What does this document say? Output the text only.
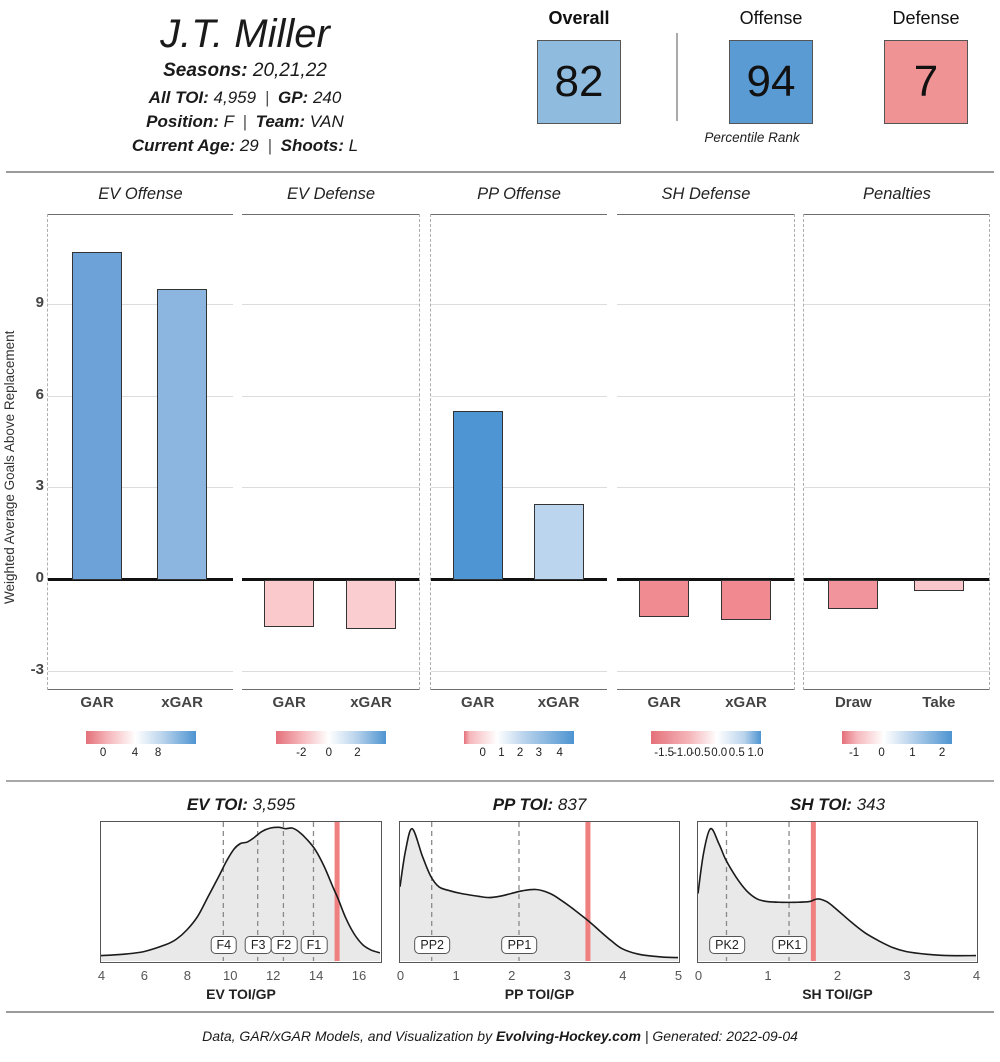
J.T. Miller
Seasons: 20,21,22
All TOI: 4,959 | GP: 240
Position: F | Team: VAN
Current Age: 29 | Shoots: L
Overall
82
Offense
94
Defense
7
Percentile Rank
Weighted Average Goals Above Replacement
9
6
3
0
-3
EV Offense
GAR	xGAR
0	4	8
EV Defense
GAR	xGAR
-2	0	2
PP Offense
GAR	xGAR
0	1	2	3	4
SH Defense
GAR	xGAR
-1.5
-1.0
-0.5 0.0 0.5 1.0
Penalties
Draw	Take
-1	0	1	2
EV TOI: 3,595
F4	F3 F2	F1
4	6	8	10	12	14	16
EV TOI/GP
PP TOI: 837
PP2	PP1
0	1	2	3	4	5
PP TOI/GP
SH TOI: 343
PK2	PK1
0	1	2	3	4
SH TOI/GP
Data, GAR/xGAR Models, and Visualization by Evolving-Hockey.com | Generated: 2022-09-04
